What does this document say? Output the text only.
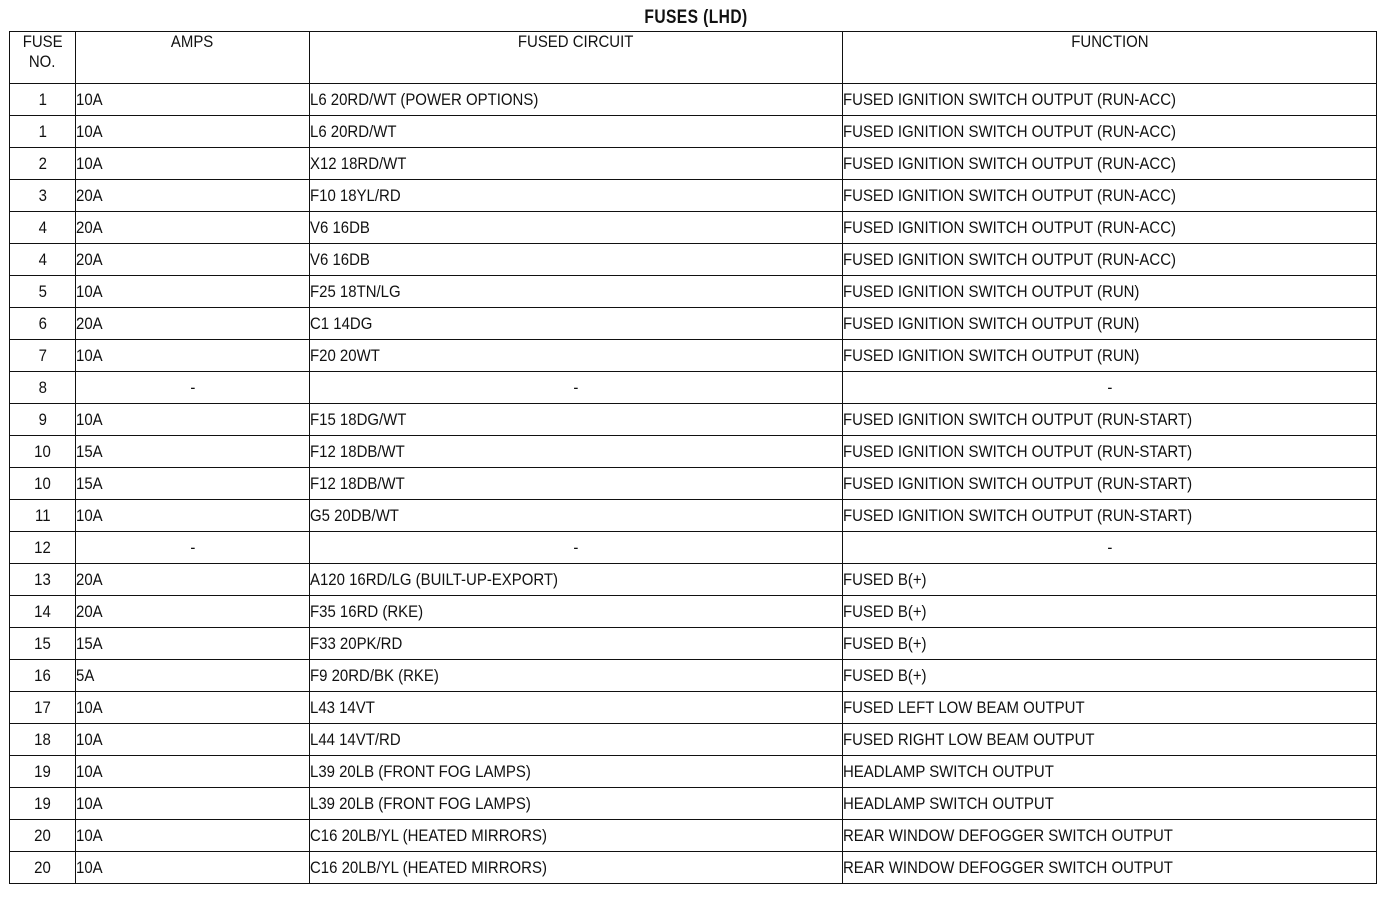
FUSES (LHD)
FUSE
NO.	AMPS	FUSED CIRCUIT	FUNCTION
1	10A	L6 20RD/WT (POWER OPTIONS)	FUSED IGNITION SWITCH OUTPUT (RUN-ACC)
1	10A	L6 20RD/WT	FUSED IGNITION SWITCH OUTPUT (RUN-ACC)
2	10A	X12 18RD/WT	FUSED IGNITION SWITCH OUTPUT (RUN-ACC)
3	20A	F10 18YL/RD	FUSED IGNITION SWITCH OUTPUT (RUN-ACC)
4	20A	V6 16DB	FUSED IGNITION SWITCH OUTPUT (RUN-ACC)
4	20A	V6 16DB	FUSED IGNITION SWITCH OUTPUT (RUN-ACC)
5	10A	F25 18TN/LG	FUSED IGNITION SWITCH OUTPUT (RUN)
6	20A	C1 14DG	FUSED IGNITION SWITCH OUTPUT (RUN)
7	10A	F20 20WT	FUSED IGNITION SWITCH OUTPUT (RUN)
8	-	-	-
9	10A	F15 18DG/WT	FUSED IGNITION SWITCH OUTPUT (RUN-START)
10	15A	F12 18DB/WT	FUSED IGNITION SWITCH OUTPUT (RUN-START)
10	15A	F12 18DB/WT	FUSED IGNITION SWITCH OUTPUT (RUN-START)
11	10A	G5 20DB/WT	FUSED IGNITION SWITCH OUTPUT (RUN-START)
12	-	-	-
13	20A	A120 16RD/LG (BUILT-UP-EXPORT)	FUSED B(+)
14	20A	F35 16RD (RKE)	FUSED B(+)
15	15A	F33 20PK/RD	FUSED B(+)
16	5A	F9 20RD/BK (RKE)	FUSED B(+)
17	10A	L43 14VT	FUSED LEFT LOW BEAM OUTPUT
18	10A	L44 14VT/RD	FUSED RIGHT LOW BEAM OUTPUT
19	10A	L39 20LB (FRONT FOG LAMPS)	HEADLAMP SWITCH OUTPUT
19	10A	L39 20LB (FRONT FOG LAMPS)	HEADLAMP SWITCH OUTPUT
20	10A	C16 20LB/YL (HEATED MIRRORS)	REAR WINDOW DEFOGGER SWITCH OUTPUT
20	10A	C16 20LB/YL (HEATED MIRRORS)	REAR WINDOW DEFOGGER SWITCH OUTPUT
